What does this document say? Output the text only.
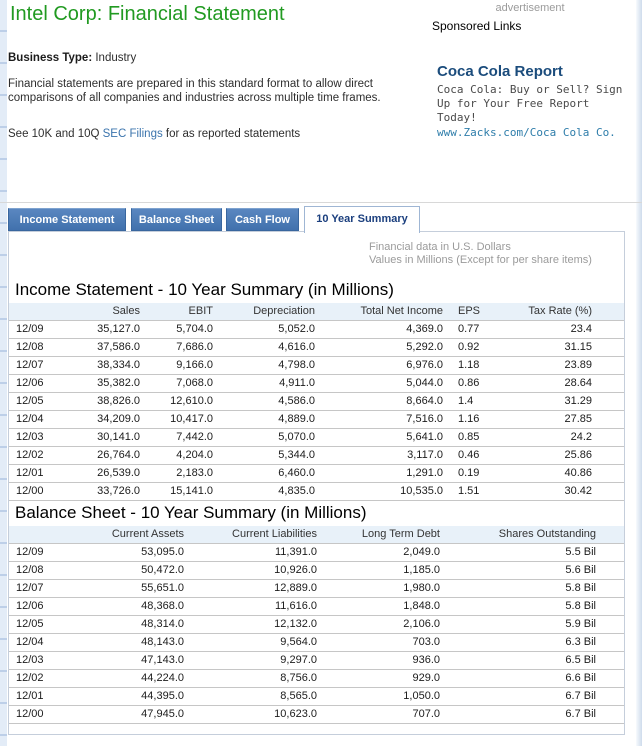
Intel Corp: Financial Statement	advertisement
Sponsored Links
Coca Cola Report
Coca Cola: Buy or Sell? Sign
Up for Your Free Report
Today!
www.Zacks.com/Coca Cola Co.
Business Type: Industry

Financial statements are prepared in this standard format to allow direct
comparisons of all companies and industries across multiple time frames.

See 10K and 10Q SEC Filings for as reported statements

Income Statement	Balance Sheet	Cash Flow	10 Year Summary
Financial data in U.S. Dollars
Values in Millions (Except for per share items)
Income Statement - 10 Year Summary (in Millions)
	Sales	EBIT	Depreciation	Total Net Income	EPS	Tax Rate (%)
12/09	35,127.0	5,704.0	5,052.0	4,369.0	0.77	23.4
12/08	37,586.0	7,686.0	4,616.0	5,292.0	0.92	31.15
12/07	38,334.0	9,166.0	4,798.0	6,976.0	1.18	23.89
12/06	35,382.0	7,068.0	4,911.0	5,044.0	0.86	28.64
12/05	38,826.0	12,610.0	4,586.0	8,664.0	1.4	31.29
12/04	34,209.0	10,417.0	4,889.0	7,516.0	1.16	27.85
12/03	30,141.0	7,442.0	5,070.0	5,641.0	0.85	24.2
12/02	26,764.0	4,204.0	5,344.0	3,117.0	0.46	25.86
12/01	26,539.0	2,183.0	6,460.0	1,291.0	0.19	40.86
12/00	33,726.0	15,141.0	4,835.0	10,535.0	1.51	30.42
Balance Sheet - 10 Year Summary (in Millions)
	Current Assets	Current Liabilities	Long Term Debt	Shares Outstanding
12/09	53,095.0	11,391.0	2,049.0	5.5 Bil
12/08	50,472.0	10,926.0	1,185.0	5.6 Bil
12/07	55,651.0	12,889.0	1,980.0	5.8 Bil
12/06	48,368.0	11,616.0	1,848.0	5.8 Bil
12/05	48,314.0	12,132.0	2,106.0	5.9 Bil
12/04	48,143.0	9,564.0	703.0	6.3 Bil
12/03	47,143.0	9,297.0	936.0	6.5 Bil
12/02	44,224.0	8,756.0	929.0	6.6 Bil
12/01	44,395.0	8,565.0	1,050.0	6.7 Bil
12/00	47,945.0	10,623.0	707.0	6.7 Bil
